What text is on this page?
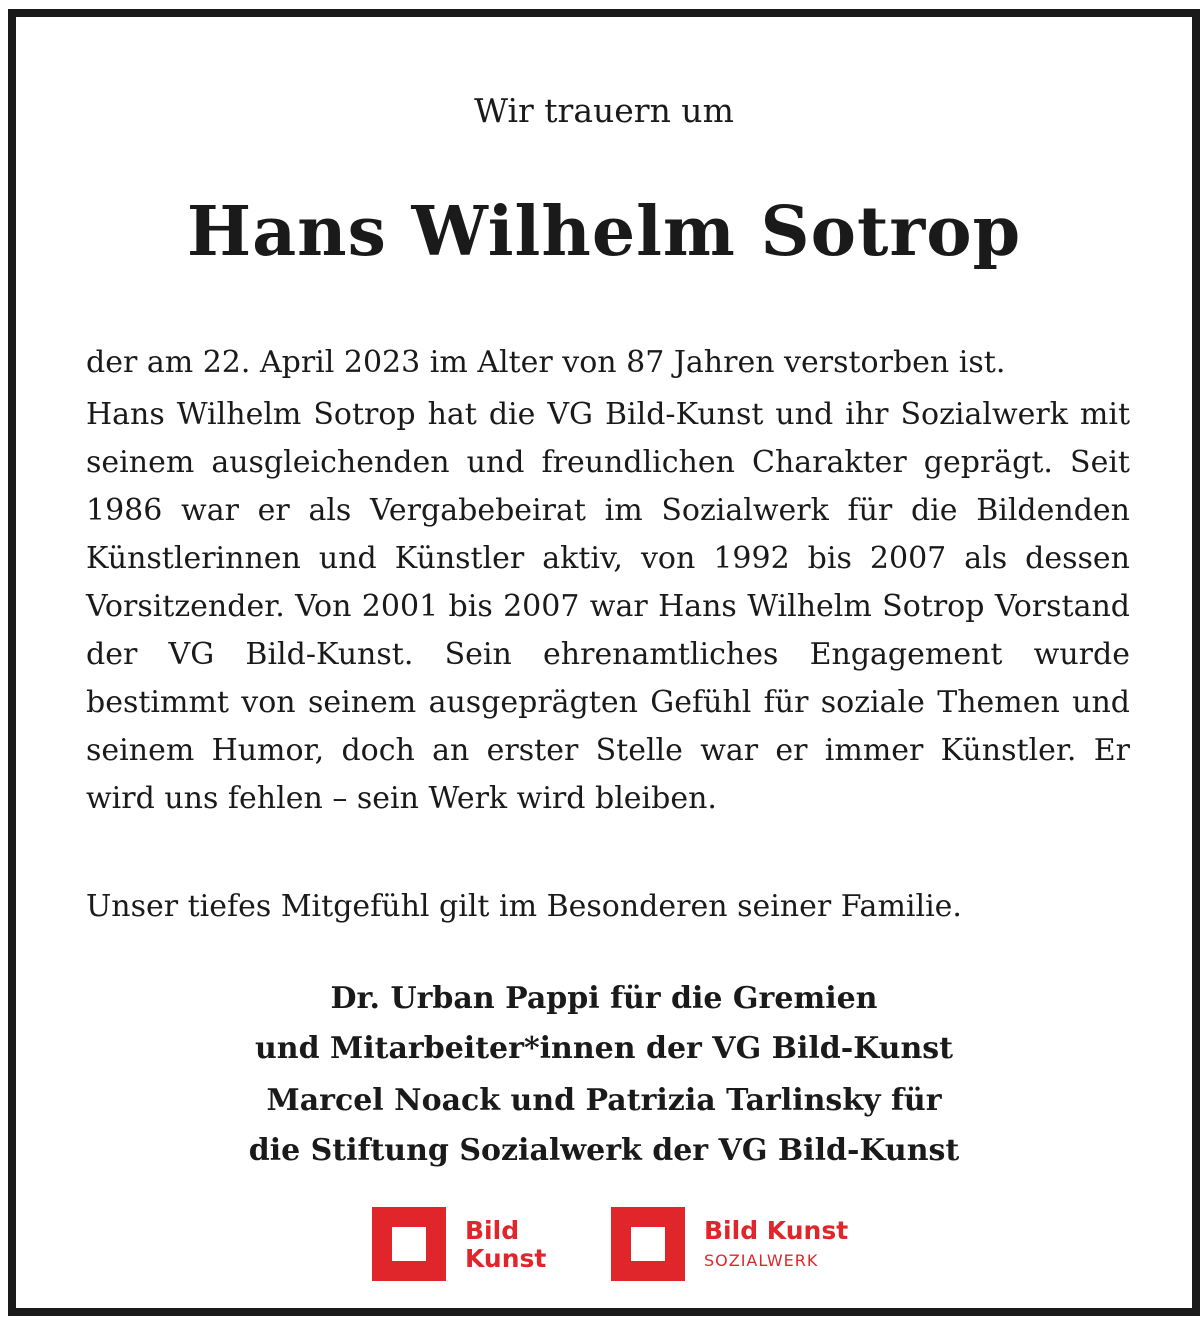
Wir trauern um
Hans Wilhelm Sotrop
der am 22. April 2023 im Alter von 87 Jahren verstorben ist.
Hans Wilhelm Sotrop hat die VG Bild-Kunst und ihr Sozialwerk mit seinem ausgleichenden und freundlichen Charakter geprägt. Seit 1986 war er als Vergabebeirat im Sozialwerk für die Bildenden Künstlerinnen und Künstler aktiv, von 1992 bis 2007 als dessen Vorsitzender. Von 2001 bis 2007 war Hans Wilhelm Sotrop Vorstand der VG Bild-Kunst. Sein ehrenamtliches Engagement wurde bestimmt von seinem ausgeprägten Gefühl für soziale Themen und seinem Humor, doch an erster Stelle war er immer Künstler. Er wird uns fehlen – sein Werk wird bleiben.
Unser tiefes Mitgefühl gilt im Besonderen seiner Familie.
Dr. Urban Pappi für die Gremien
und Mitarbeiter*innen der VG Bild-Kunst
Marcel Noack und Patrizia Tarlinsky für
die Stiftung Sozialwerk der VG Bild-Kunst
Bild
Kunst
Bild Kunst
SOZIALWERK
